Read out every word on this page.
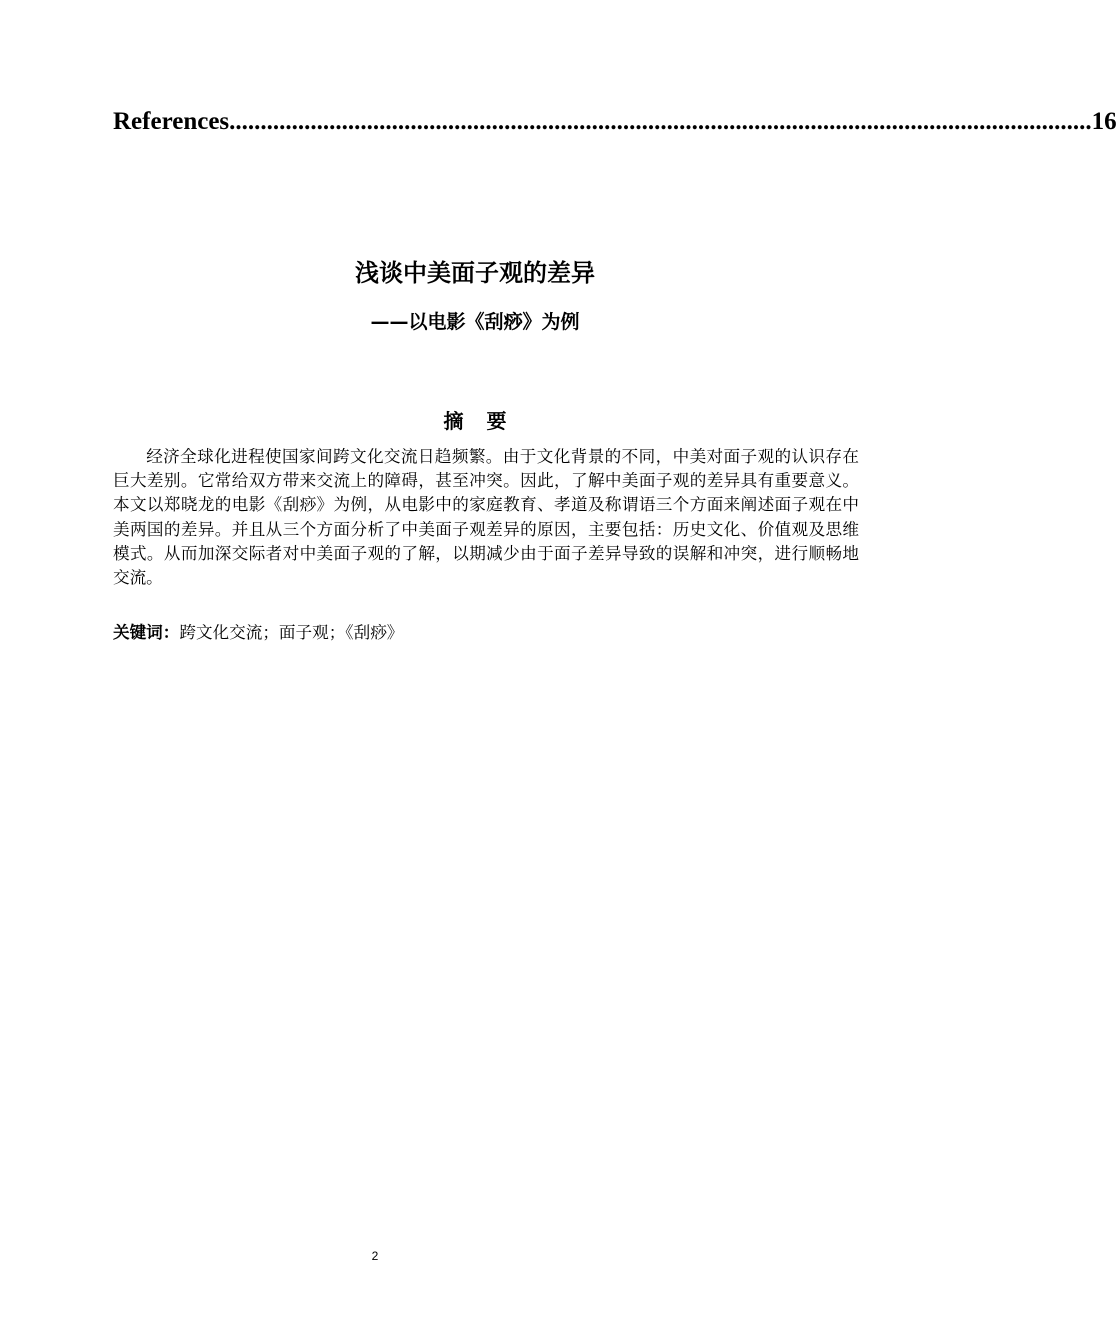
References .......................................................................................................................................... 16
浅谈中美面子观的差异
——以电影《刮痧》为例
摘 要

经济全球化进程使国家间跨文化交流日趋频繁。由于文化背景的不同，中美对面子观的认识存在巨大差别。它常给双方带来交流上的障碍，甚至冲突。因此，了解中美面子观的差异具有重要意义。本文以郑晓龙的电影《刮痧》为例，从电影中的家庭教育、孝道及称谓语三个方面来阐述面子观在中美两国的差异。并且从三个方面分析了中美面子观差异的原因，主要包括：历史文化、价值观及思维模式。从而加深交际者对中美面子观的了解，以期减少由于面子差异导致的误解和冲突，进行顺畅地交流。

关键词：跨文化交流；面子观；《刮痧》
2
